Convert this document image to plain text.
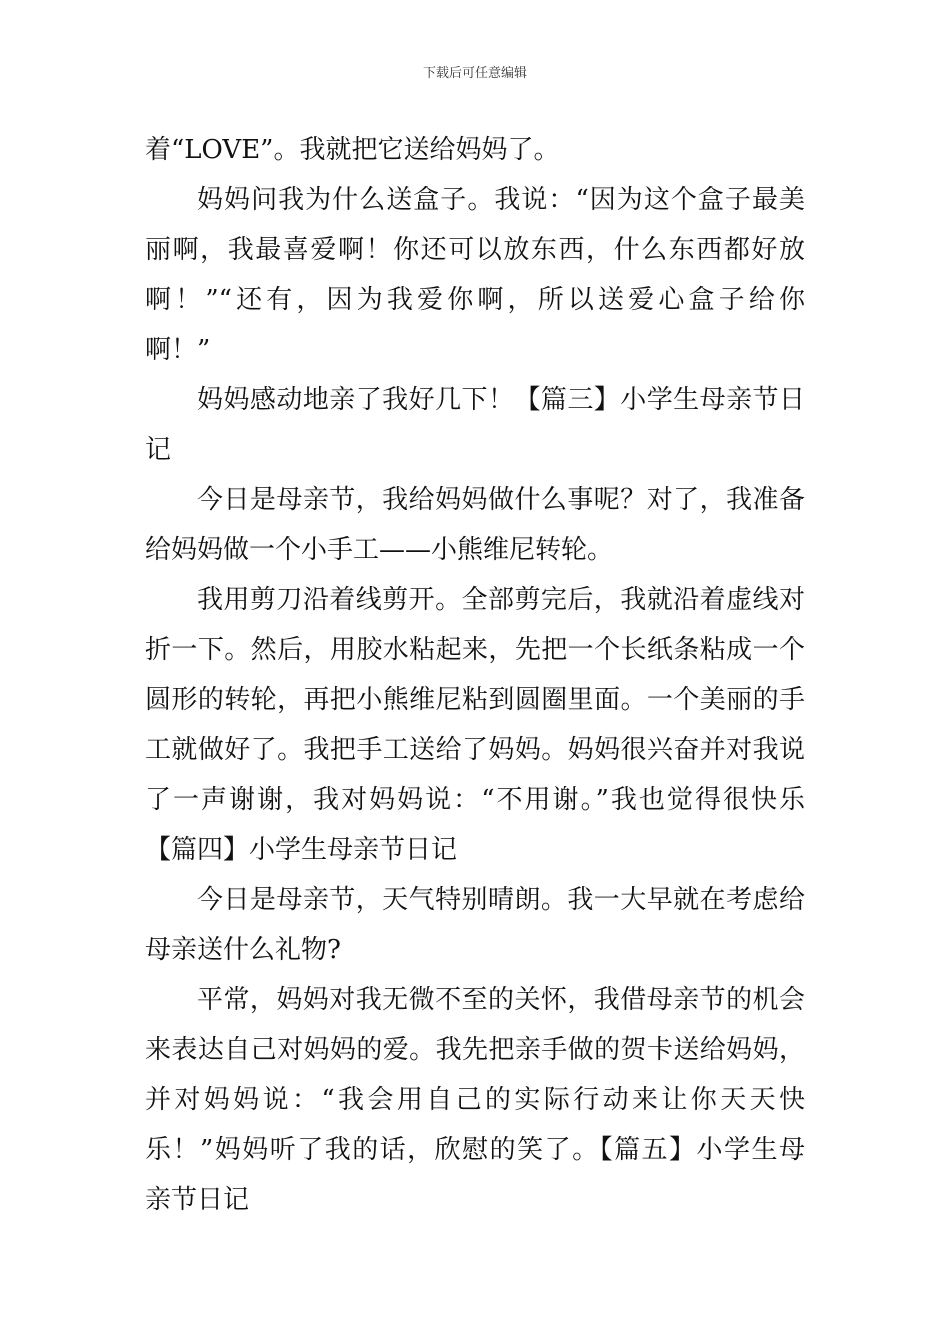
下载后可任意编辑
着“LOVE”。我就把它送给妈妈了。
妈妈问我为什么送盒子。我说：“因为这个盒子最美
丽啊，我最喜爱啊！你还可以放东西，什么东西都好放
啊！”“还有，因为我爱你啊，所以送爱心盒子给你
啊！”
妈妈感动地亲了我好几下！【篇三】小学生母亲节日
记
今日是母亲节，我给妈妈做什么事呢？对了，我准备
给妈妈做一个小手工——小熊维尼转轮。
我用剪刀沿着线剪开。全部剪完后，我就沿着虚线对
折一下。然后，用胶水粘起来，先把一个长纸条粘成一个
圆形的转轮，再把小熊维尼粘到圆圈里面。一个美丽的手
工就做好了。我把手工送给了妈妈。妈妈很兴奋并对我说
了一声谢谢，我对妈妈说：“不用谢。”我也觉得很快乐
【篇四】小学生母亲节日记
今日是母亲节，天气特别晴朗。我一大早就在考虑给
母亲送什么礼物?
平常，妈妈对我无微不至的关怀，我借母亲节的机会
来表达自己对妈妈的爱。我先把亲手做的贺卡送给妈妈，
并对妈妈说：“我会用自己的实际行动来让你天天快
乐！”妈妈听了我的话，欣慰的笑了。【篇五】小学生母
亲节日记
